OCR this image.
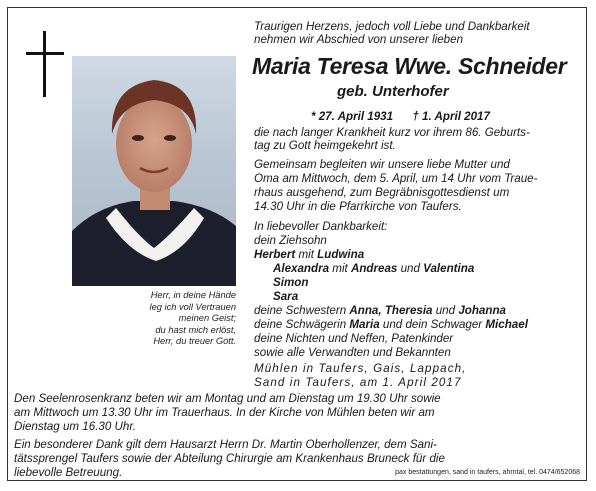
Herr, in deine Hände
leg ich voll Vertrauen
meinen Geist;
du hast mich erlöst,
Herr, du treuer Gott.
Traurigen Herzens, jedoch voll Liebe und Dankbarkeit
nehmen wir Abschied von unserer lieben
Maria Teresa Wwe. Schneider
geb. Unterhofer
* 27. April 1931      † 1. April 2017
die nach langer Krankheit kurz vor ihrem 86. Geburts-
tag zu Gott heimgekehrt ist.
Gemeinsam begleiten wir unsere liebe Mutter und
Oma am Mittwoch, dem 5. April, um 14 Uhr vom Traue-
rhaus ausgehend, zum Begräbnisgottesdienst um
14.30 Uhr in die Pfarrkirche von Taufers.
In liebevoller Dankbarkeit:
dein Ziehsohn
Herbert mit Ludwina
Alexandra mit Andreas und Valentina
Simon
Sara
deine Schwestern Anna, Theresia und Johanna
deine Schwägerin Maria und dein Schwager Michael
deine Nichten und Neffen, Patenkinder
sowie alle Verwandten und Bekannten
Mühlen in Taufers, Gais, Lappach,
Sand in Taufers, am 1. April 2017
Den Seelenrosenkranz beten wir am Montag und am Dienstag um 19.30 Uhr sowie
am Mittwoch um 13.30 Uhr im Trauerhaus. In der Kirche von Mühlen beten wir am
Dienstag um 16.30 Uhr.
Ein besonderer Dank gilt dem Hausarzt Herrn Dr. Martin Oberhollenzer, dem Sani-
tätssprengel Taufers sowie der Abteilung Chirurgie am Krankenhaus Bruneck für die
liebevolle Betreuung.	pax bestattungen, sand in taufers, ahrntal, tel. 0474/652068
